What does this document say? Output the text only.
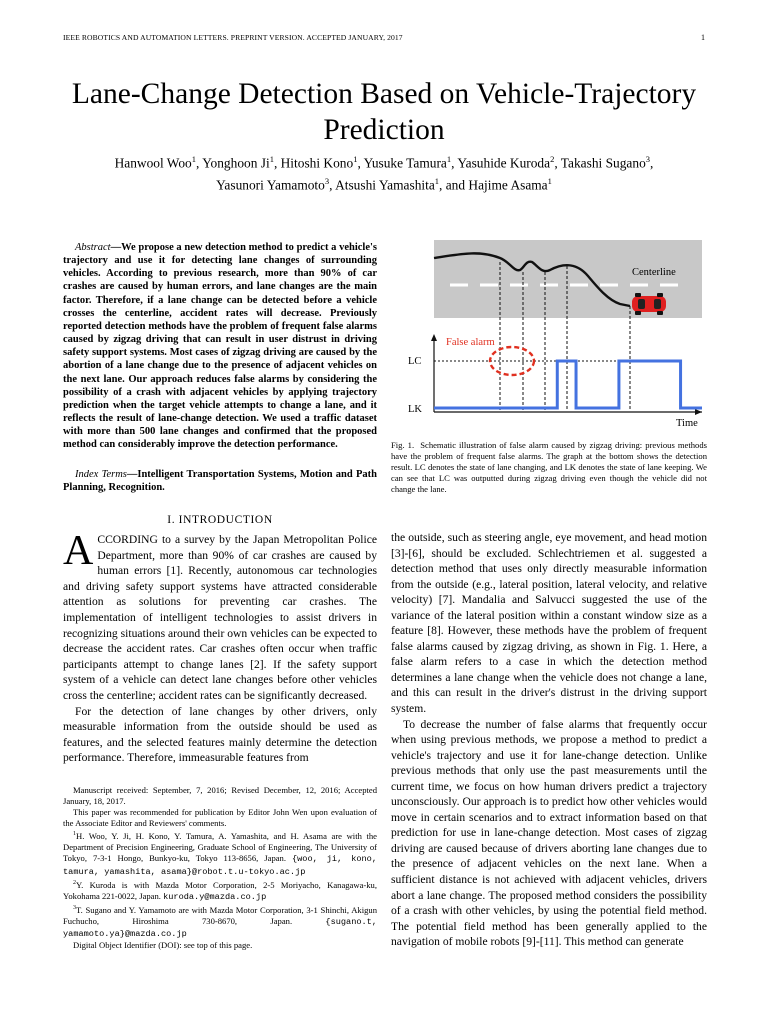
IEEE ROBOTICS AND AUTOMATION LETTERS. PREPRINT VERSION. ACCEPTED JANUARY, 2017	1
Lane-Change Detection Based on Vehicle-Trajectory Prediction
Hanwool Woo$^1$, Yonghoon Ji$^1$, Hitoshi Kono$^1$, Yusuke Tamura$^1$, Yasuhide Kuroda$^2$, Takashi Sugano$^3$,
Yasunori Yamamoto$^3$, Atsushi Yamashita$^1$, and Hajime Asama$^1$

Abstract—We propose a new detection method to predict a vehicle's trajectory and use it for detecting lane changes of surrounding vehicles. According to previous research, more than 90% of car crashes are caused by human errors, and lane changes are the main factor. Therefore, if a lane change can be detected before a vehicle crosses the centerline, accident rates will decrease. Previously reported detection methods have the problem of frequent false alarms caused by zigzag driving that can result in user distrust in driving safety support systems. Most cases of zigzag driving are caused by the abortion of a lane change due to the presence of adjacent vehicles on the next lane. Our approach reduces false alarms by considering the possibility of a crash with adjacent vehicles by applying trajectory prediction when the target vehicle attempts to change a lane, and it reflects the result of lane-change detection. We used a traffic dataset with more than 500 lane changes and confirmed that the proposed method can considerably improve the detection performance.

Index Terms—Intelligent Transportation Systems, Motion and Path Planning, Recognition.
I. INTRODUCTION

ACCORDING to a survey by the Japan Metropolitan Police Department, more than 90% of car crashes are caused by human errors [1]. Recently, autonomous car technologies and driving safety support systems have attracted considerable attention as solutions for preventing car crashes. The implementation of intelligent technologies to assist drivers in recognizing situations around their own vehicles can be expected to decrease the accident rates. Car crashes often occur when traffic participants attempt to change lanes [2]. If the safety support system of a vehicle can detect lane changes before other vehicles cross the centerline; accident rates can be significantly decreased.

For the detection of lane changes by other drivers, only measurable information from the outside should be used as features, and the selected features mainly determine the detection performance. Therefore, immeasurable features from

Manuscript received: September, 7, 2016; Revised December, 12, 2016; Accepted January, 18, 2017.

This paper was recommended for publication by Editor John Wen upon evaluation of the Associate Editor and Reviewers' comments.

$^1$H. Woo, Y. Ji, H. Kono, Y. Tamura, A. Yamashita, and H. Asama are with the Department of Precision Engineering, Graduate School of Engineering, The University of Tokyo, 7-3-1 Hongo, Bunkyo-ku, Tokyo 113-8656, Japan. {woo, ji, kono, tamura, yamashita, asama}@robot.t.u-tokyo.ac.jp

$^2$Y. Kuroda is with Mazda Motor Corporation, 2-5 Moriyacho, Kanagawa-ku, Yokohama 221-0022, Japan. kuroda.y@mazda.co.jp

$^3$T. Sugano and Y. Yamamoto are with Mazda Motor Corporation, 3-1 Shinchi, Akigun Fuchucho, Hiroshima 730-8670, Japan. {sugano.t, yamamoto.ya}@mazda.co.jp

Digital Object Identifier (DOI): see top of this page.

Centerline
False alarm
LC
LK
Time
Fig. 1. Schematic illustration of false alarm caused by zigzag driving: previous methods have the problem of frequent false alarms. The graph at the bottom shows the detection result. LC denotes the state of lane changing, and LK denotes the state of lane keeping. We can see that LC was outputted during zigzag driving even though the vehicle did not change the lane.

the outside, such as steering angle, eye movement, and head motion [3]-[6], should be excluded. Schlechtriemen et al. suggested a detection method that uses only directly measurable information from the outside (e.g., lateral position, lateral velocity, and relative velocity) [7]. Mandalia and Salvucci suggested the use of the variance of the lateral position within a constant window size as a feature [8]. However, these methods have the problem of frequent false alarms caused by zigzag driving, as shown in Fig. 1. Here, a false alarm refers to a case in which the detection method determines a lane change when the vehicle does not change a lane, and this can result in the driver's distrust in the driving support system.

To decrease the number of false alarms that frequently occur when using previous methods, we propose a method to predict a vehicle's trajectory and use it for lane-change detection. Unlike previous methods that only use the past measurements until the current time, we focus on how human drivers predict a trajectory unconsciously. Our approach is to predict how other vehicles would move in certain scenarios and to extract information based on that prediction for use in lane-change detection. Most cases of zigzag driving are caused because of drivers aborting lane changes due to the presence of adjacent vehicles on the next lane. When a sufficient distance is not achieved with adjacent vehicles, drivers abort a lane change. The proposed method considers the possibility of a crash with other vehicles, by using the potential field method. The potential field method has been generally applied to the navigation of mobile robots [9]-[11]. This method can generate
